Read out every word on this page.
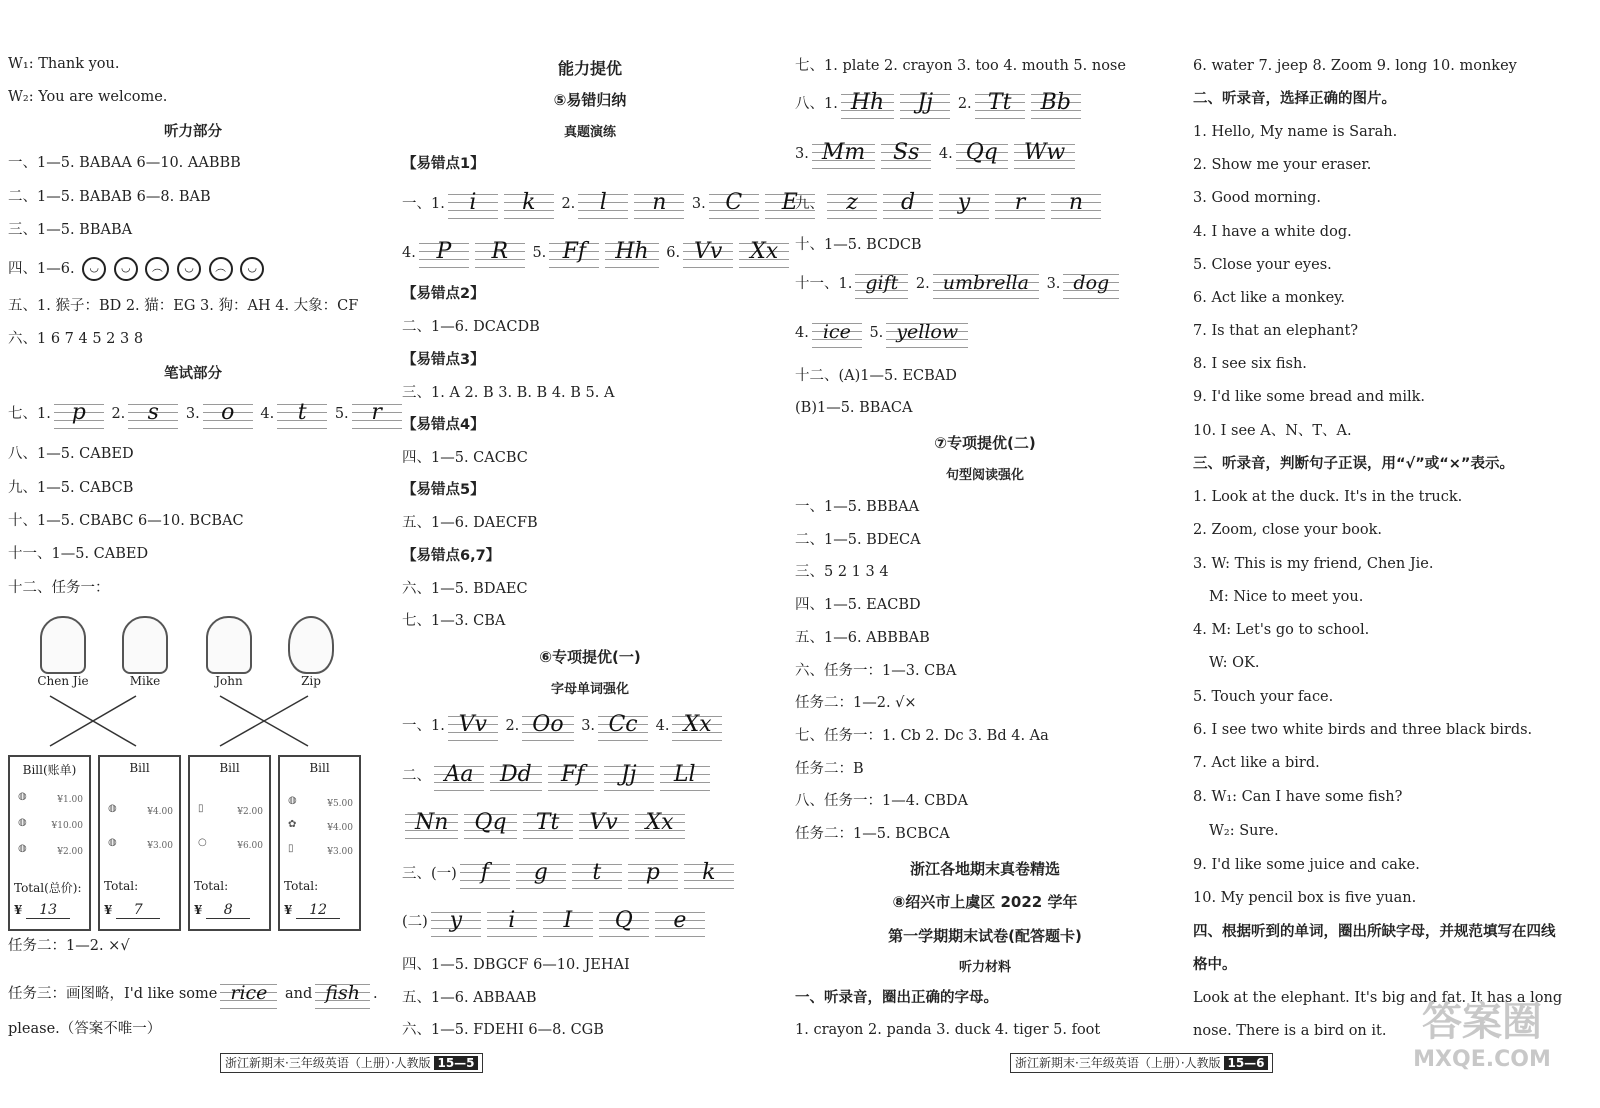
W₁: Thank you.
W₂: You are welcome.
听力部分
一、1—5. BABAA 6—10. AABBB
二、1—5. BABAB 6—8. BAB
三、1—5. BBABA
四、1—6. ◡ ◡ ︵ ◡ ︵ ◡
五、1. 猴子：BD 2. 猫：EG 3. 狗：AH 4. 大象：CF
六、1 6 7 4 5 2 3 8
笔试部分
七、1. p 2. s 3. o 4. t 5. r
八、1—5. CABED
九、1—5. CABCB
十、1—5. CBABC 6—10. BCBAC
十一、1—5. CABED
十二、任务一：
Chen Jie	Mike	John	Zip
Bill(账单)
◍	¥1.00
◍	¥10.00
◍	¥2.00
Total(总价):
¥ 13
Bill
◍	¥4.00
◍	¥3.00
Total:
¥ 7
Bill
▯	¥2.00
○	¥6.00
Total:
¥ 8
Bill
◍	¥5.00
✿	¥4.00
▯	¥3.00
Total:
¥ 12
任务二：1—2. ×√
任务三：画图略，I'd like some rice and fish .
please.（答案不唯一）
能力提优
⑤易错归纳
真题演练
【易错点1】
一、1. i k 2. l n 3. C E
4. P R 5. Ff Hh 6. Vv Xx
【易错点2】
二、1—6. DCACDB
【易错点3】
三、1. A 2. B 3. B. B 4. B 5. A
【易错点4】
四、1—5. CACBC
【易错点5】
五、1—6. DAECFB
【易错点6,7】
六、1—5. BDAEC
七、1—3. CBA
⑥专项提优(一)
字母单词强化
一、1. Vv 2. Oo 3. Cc 4. Xx
二、 Aa Dd Ff Jj Ll
Nn Qq Tt Vv Xx
三、(一) f g t p k
(二) y i I Q e
四、1—5. DBGCF 6—10. JEHAI
五、1—6. ABBAAB
六、1—5. FDEHI 6—8. CGB
浙江新期末·三年级英语（上册）·人教版 15—5
七、1. plate 2. crayon 3. too 4. mouth 5. nose
八、1. Hh Jj 2. Tt Bb
3. Mm Ss 4. Qq Ww
九、 z d y r n
十、1—5. BCDCB
十一、1. gift 2. umbrella 3. dog
4. ice 5. yellow
十二、(A)1—5. ECBAD
(B)1—5. BBACA
⑦专项提优(二)
句型阅读强化
一、1—5. BBBAA
二、1—5. BDECA
三、5 2 1 3 4
四、1—5. EACBD
五、1—6. ABBBAB
六、任务一：1—3. CBA
任务二：1—2. √×
七、任务一：1. Cb 2. Dc 3. Bd 4. Aa
任务二：B
八、任务一：1—4. CBDA
任务二：1—5. BCBCA
浙江各地期末真卷精选
⑧绍兴市上虞区 2022 学年
第一学期期末试卷(配答题卡)
听力材料
一、听录音，圈出正确的字母。
1. crayon 2. panda 3. duck 4. tiger 5. foot
浙江新期末·三年级英语（上册）·人教版 15—6
6. water 7. jeep 8. Zoom 9. long 10. monkey
二、听录音，选择正确的图片。
1. Hello, My name is Sarah.
2. Show me your eraser.
3. Good morning.
4. I have a white dog.
5. Close your eyes.
6. Act like a monkey.
7. Is that an elephant?
8. I see six fish.
9. I'd like some bread and milk.
10. I see A、N、T、A.
三、听录音，判断句子正误，用“√”或“×”表示。
1. Look at the duck. It's in the truck.
2. Zoom, close your book.
3. W: This is my friend, Chen Jie.
M: Nice to meet you.
4. M: Let's go to school.
W: OK.
5. Touch your face.
6. I see two white birds and three black birds.
7. Act like a bird.
8. W₁: Can I have some fish?
W₂: Sure.
9. I'd like some juice and cake.
10. My pencil box is five yuan.
四、根据听到的单词，圈出所缺字母，并规范填写在四线
格中。
Look at the elephant. It's big and fat. It has a long
nose. There is a bird on it. 答案圈
MXQE.COM
